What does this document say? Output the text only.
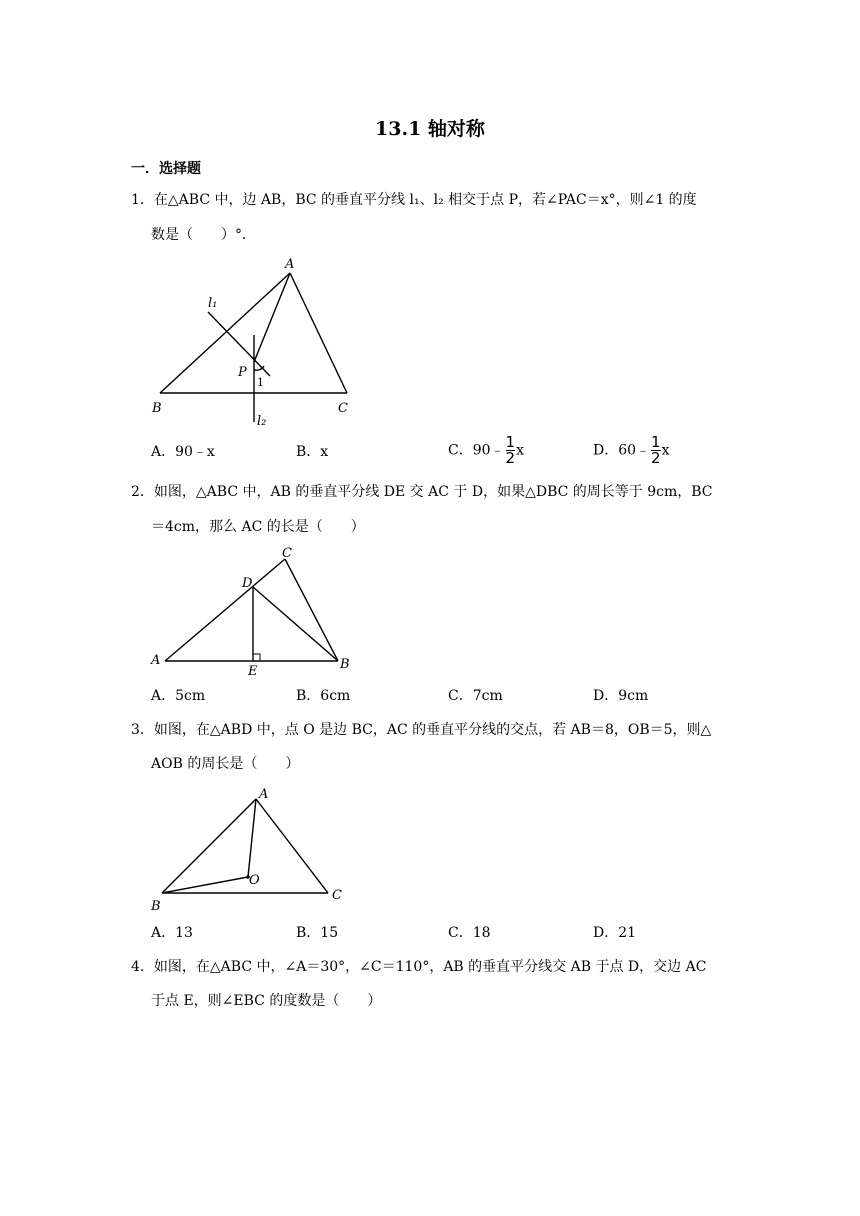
13.1 轴对称
一．选择题
1．在△ABC 中，边 AB，BC 的垂直平分线 l₁、l₂ 相交于点 P，若∠PAC＝x°，则∠1 的度
数是（　　）°．
A
B	C
P
1
l₁
l₂
A．90﹣x	B．x	C．90﹣ $\frac{1}{2}$ x	D．60﹣ $\frac{1}{2}$ x
2．如图，△ABC 中，AB 的垂直平分线 DE 交 AC 于 D，如果△DBC 的周长等于 9cm，BC
＝4cm，那么 AC 的长是（　　）
A	B
C
D
E
A．5cm	B．6cm	C．7cm	D．9cm
3．如图，在△ABD 中，点 O 是边 BC，AC 的垂直平分线的交点，若 AB＝8，OB＝5，则△
AOB 的周长是（　　）
A
B
C
O
A．13	B．15	C．18	D．21
4．如图，在△ABC 中，∠A＝30°，∠C＝110°，AB 的垂直平分线交 AB 于点 D，交边 AC
于点 E，则∠EBC 的度数是（　　）
